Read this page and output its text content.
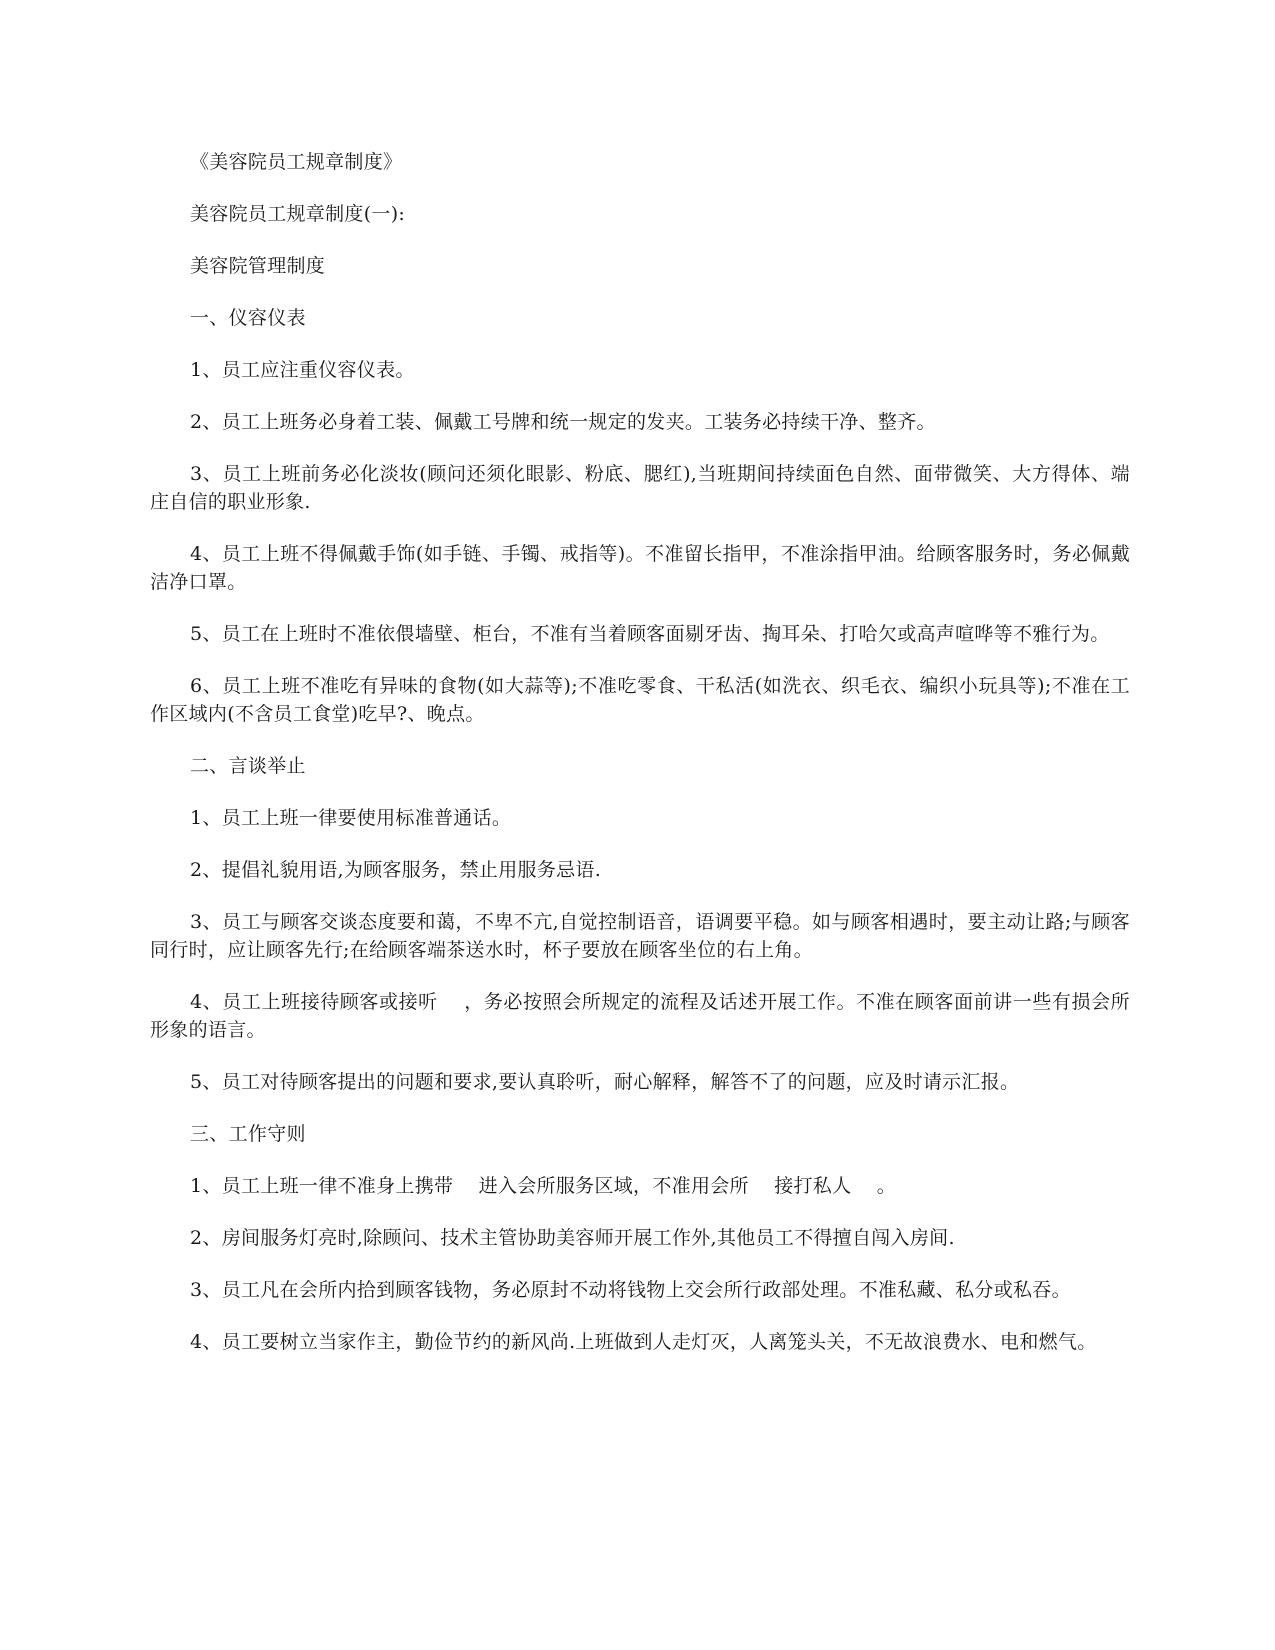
《美容院员工规章制度》

美容院员工规章制度(一):

美容院管理制度

一、仪容仪表

1、员工应注重仪容仪表。

2、员工上班务必身着工装、佩戴工号牌和统一规定的发夹。工装务必持续干净、整齐。

3、员工上班前务必化淡妆(顾问还须化眼影、粉底、腮红),当班期间持续面色自然、面带微笑、大方得体、端庄自信的职业形象.

4、员工上班不得佩戴手饰(如手链、手镯、戒指等)。不准留长指甲，不准涂指甲油。给顾客服务时，务必佩戴洁净口罩。

5、员工在上班时不准依偎墙壁、柜台，不准有当着顾客面剔牙齿、掏耳朵、打哈欠或高声喧哗等不雅行为。

6、员工上班不准吃有异味的食物(如大蒜等);不准吃零食、干私活(如洗衣、织毛衣、编织小玩具等);不准在工作区域内(不含员工食堂)吃早?、晚点。

二、言谈举止

1、员工上班一律要使用标准普通话。

2、提倡礼貌用语,为顾客服务，禁止用服务忌语.

3、员工与顾客交谈态度要和蔼，不卑不亢,自觉控制语音，语调要平稳。如与顾客相遇时，要主动让路;与顾客同行时，应让顾客先行;在给顾客端茶送水时，杯子要放在顾客坐位的右上角。

4、员工上班接待顾客或接听    ，务必按照会所规定的流程及话述开展工作。不准在顾客面前讲一些有损会所形象的语言。

5、员工对待顾客提出的问题和要求,要认真聆听，耐心解释，解答不了的问题，应及时请示汇报。

三、工作守则

1、员工上班一律不准身上携带    进入会所服务区域，不准用会所    接打私人    。

2、房间服务灯亮时,除顾问、技术主管协助美容师开展工作外,其他员工不得擅自闯入房间.

3、员工凡在会所内拾到顾客钱物，务必原封不动将钱物上交会所行政部处理。不准私藏、私分或私吞。

4、员工要树立当家作主，勤俭节约的新风尚.上班做到人走灯灭，人离笼头关，不无故浪费水、电和燃气。
